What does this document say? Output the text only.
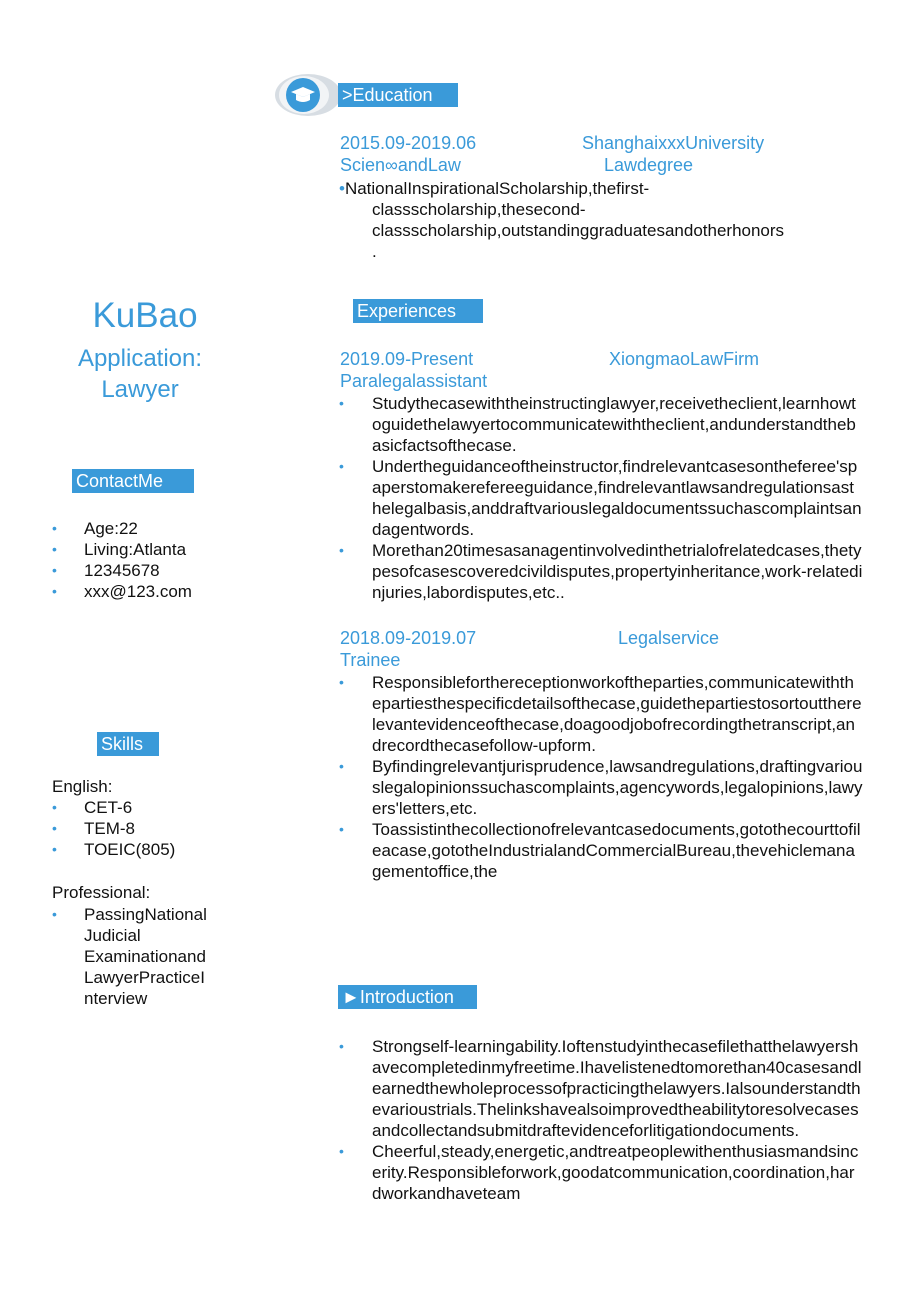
KuBao
Application:
Lawyer
ContactMe
• Age:22
• Living:Atlanta
• 12345678
• xxx@123.com
Skills
English:
• CET-6
• TEM-8
• TOEIC(805)
Professional:
• PassingNational Judicial Examinationand LawyerPracticeI nterview
>Education
2015.09-2019.06	ShanghaixxxUniversity
Scien∞andLaw	Lawdegree
•NationalInspirationalScholarship,thefirst-
classscholarship,thesecond-
classscholarship,outstandinggraduatesandotherhonors
.
Experiences
2019.09-Present	XiongmaoLawFirm
Paralegalassistant
• Studythecasewiththeinstructinglawyer,receivetheclient,learnhowtoguidethelawyertocommunicatewiththeclient,andunderstandthebasicfactsofthecase.
• Undertheguidanceoftheinstructor,findrelevantcasesontheferee'spaperstomakerefereeguidance,findrelevantlawsandregulationsasthelegalbasis,anddraftvariouslegaldocumentssuchascomplaintsandagentwords.
• Morethan20timesasanagentinvolvedinthetrialofrelatedcases,thetypesofcasescoveredcivildisputes,propertyinheritance,work-relatedinjuries,labordisputes,etc..
2018.09-2019.07	Legalservice
Trainee
• Responsibleforthereceptionworkoftheparties,communicatewiththepartiesthespecificdetailsofthecase,guidethepartiestosortouttherelevantevidenceofthecase,doagoodjobofrecordingthetranscript,andrecordthecasefollow-upform.
• Byfindingrelevantjurisprudence,lawsandregulations,draftingvariouslegalopinionssuchascomplaints,agencywords,legalopinions,lawyers'letters,etc.
• Toassistinthecollectionofrelevantcasedocuments,gotothecourttofileacase,gototheIndustrialandCommercialBureau,thevehiclemanagementoffice,the
►Introduction
• Strongself-learningability.Ioftenstudyinthecasefilethatthelawyershavecompletedinmyfreetime.Ihavelistenedtomorethan40casesandlearnedthewholeprocessofpracticingthelawyers.Ialsounderstandthevarioustrials.Thelinkshavealsoimprovedtheabilitytoresolvecasesandcollectandsubmitdraftevidenceforlitigationdocuments.
• Cheerful,steady,energetic,andtreatpeoplewithenthusiasmandsincerity.Responsibleforwork,goodatcommunication,coordination,hardworkandhaveteam
